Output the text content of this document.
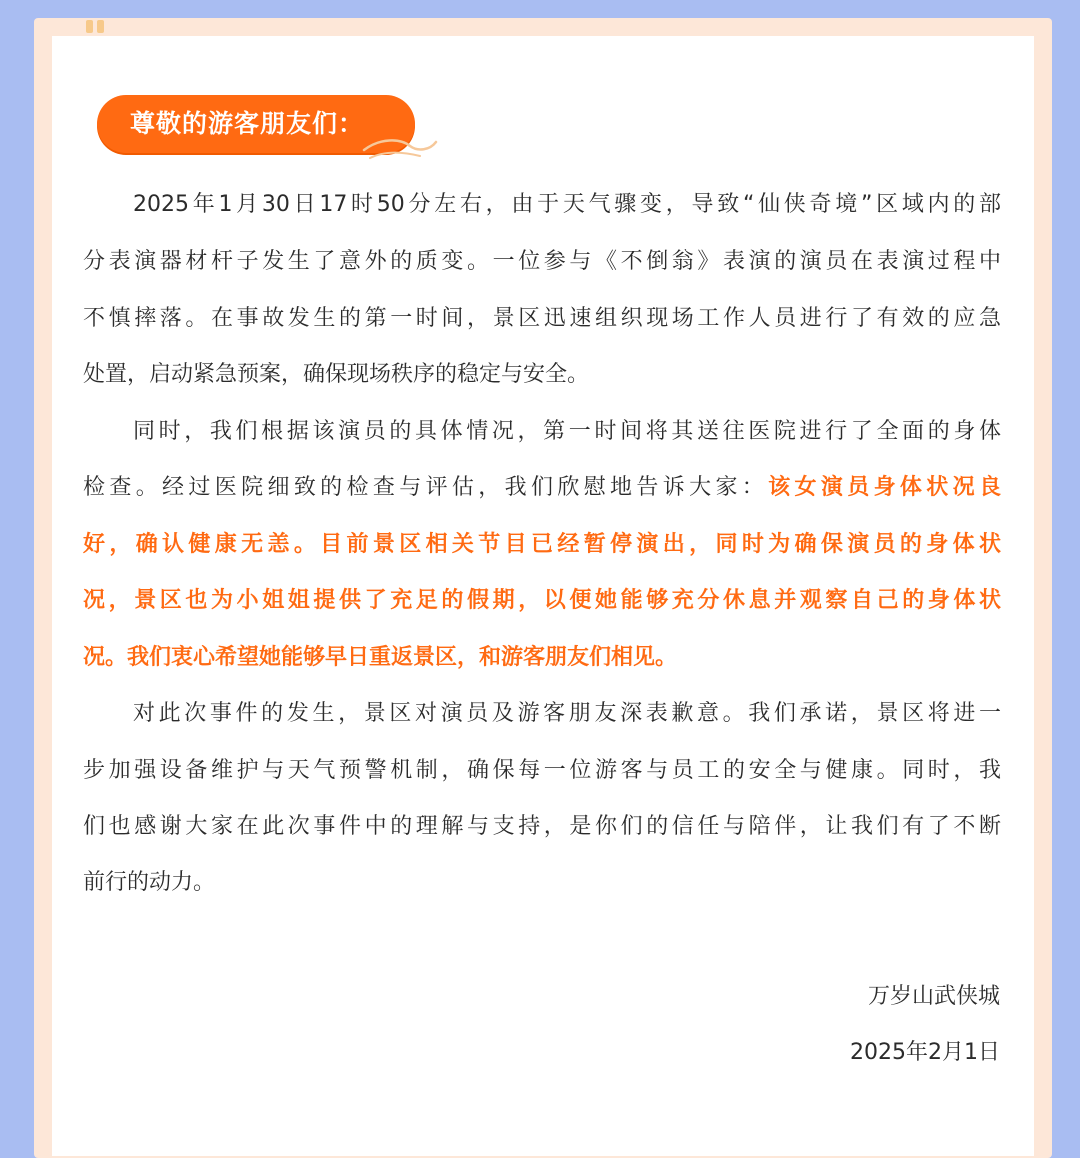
尊敬的游客朋友们：
2025年1月30日17时50分左右，由于天气骤变，导致“仙侠奇境”区域内的部
分表演器材杆子发生了意外的质变。一位参与《不倒翁》表演的演员在表演过程中
不慎摔落。在事故发生的第一时间，景区迅速组织现场工作人员进行了有效的应急
处置，启动紧急预案，确保现场秩序的稳定与安全。
同时，我们根据该演员的具体情况，第一时间将其送往医院进行了全面的身体
检查。经过医院细致的检查与评估，我们欣慰地告诉大家：该女演员身体状况良
好，确认健康无恙。目前景区相关节目已经暂停演出，同时为确保演员的身体状
况，景区也为小姐姐提供了充足的假期，以便她能够充分休息并观察自己的身体状
况。我们衷心希望她能够早日重返景区，和游客朋友们相见。
对此次事件的发生，景区对演员及游客朋友深表歉意。我们承诺，景区将进一
步加强设备维护与天气预警机制，确保每一位游客与员工的安全与健康。同时，我
们也感谢大家在此次事件中的理解与支持，是你们的信任与陪伴，让我们有了不断
前行的动力。
万岁山武侠城
2025年2月1日
